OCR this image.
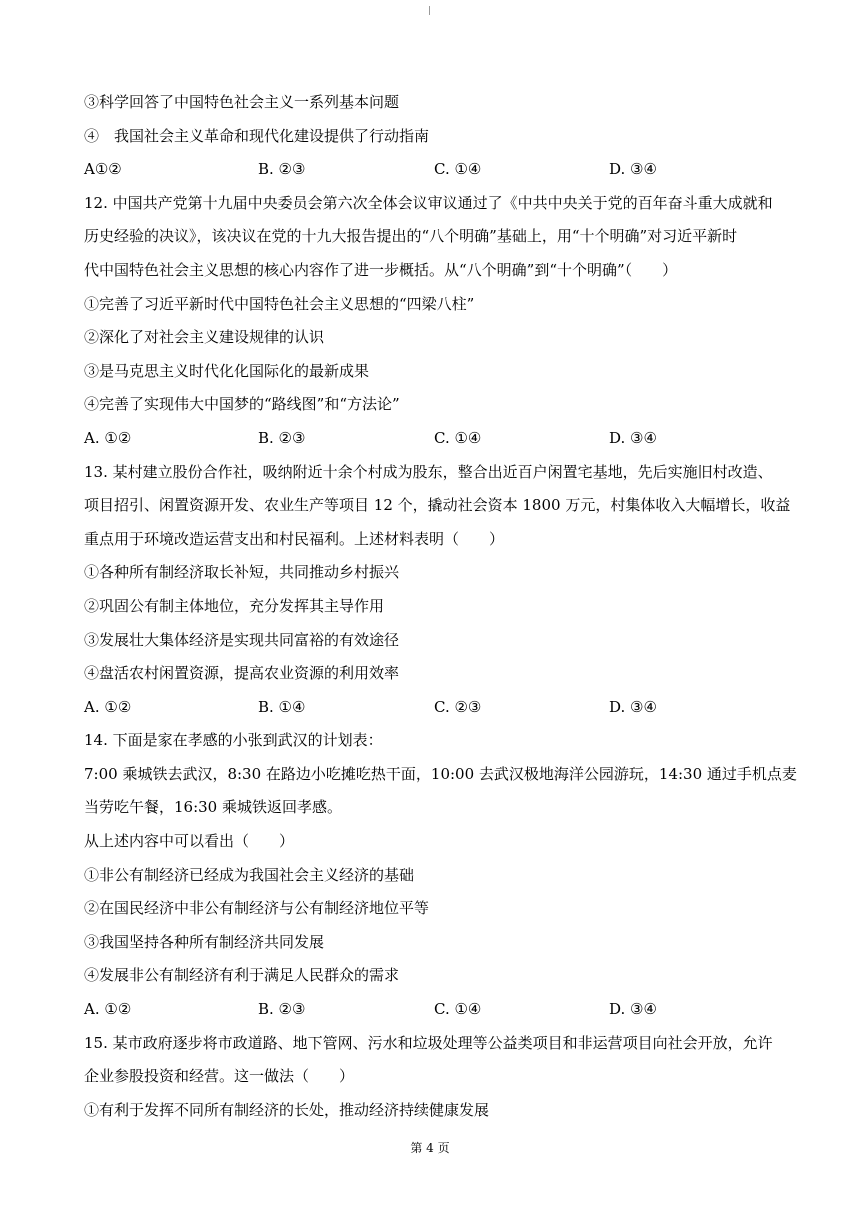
③科学回答了中国特色社会主义一系列基本问题
④　我国社会主义革命和现代化建设提供了行动指南
A①②	B. ②③	C. ①④	D. ③④
12. 中国共产党第十九届中央委员会第六次全体会议审议通过了《中共中央关于党的百年奋斗重大成就和
历史经验的决议》，该决议在党的十九大报告提出的“八个明确”基础上，用“十个明确”对习近平新时
代中国特色社会主义思想的核心内容作了进一步概括。从“八个明确”到“十个明确”（　　）
①完善了习近平新时代中国特色社会主义思想的“四梁八柱”
②深化了对社会主义建设规律的认识
③是马克思主义时代化化国际化的最新成果
④完善了实现伟大中国梦的“路线图”和“方法论”
A. ①②	B. ②③	C. ①④	D. ③④
13. 某村建立股份合作社，吸纳附近十余个村成为股东，整合出近百户闲置宅基地，先后实施旧村改造、
项目招引、闲置资源开发、农业生产等项目 12 个，撬动社会资本 1800 万元，村集体收入大幅增长，收益
重点用于环境改造运营支出和村民福利。上述材料表明（　　）
①各种所有制经济取长补短，共同推动乡村振兴
②巩固公有制主体地位，充分发挥其主导作用
③发展壮大集体经济是实现共同富裕的有效途径
④盘活农村闲置资源，提高农业资源的利用效率
A. ①②	B. ①④	C. ②③	D. ③④
14. 下面是家在孝感的小张到武汉的计划表：
7:00 乘城铁去武汉，8:30 在路边小吃摊吃热干面，10:00 去武汉极地海洋公园游玩，14:30 通过手机点麦
当劳吃午餐，16:30 乘城铁返回孝感。
从上述内容中可以看出（　　）
①非公有制经济已经成为我国社会主义经济的基础
②在国民经济中非公有制经济与公有制经济地位平等
③我国坚持各种所有制经济共同发展
④发展非公有制经济有利于满足人民群众的需求
A. ①②	B. ②③	C. ①④	D. ③④
15. 某市政府逐步将市政道路、地下管网、污水和垃圾处理等公益类项目和非运营项目向社会开放，允许
企业参股投资和经营。这一做法（　　）
①有利于发挥不同所有制经济的长处，推动经济持续健康发展
第 4 页
